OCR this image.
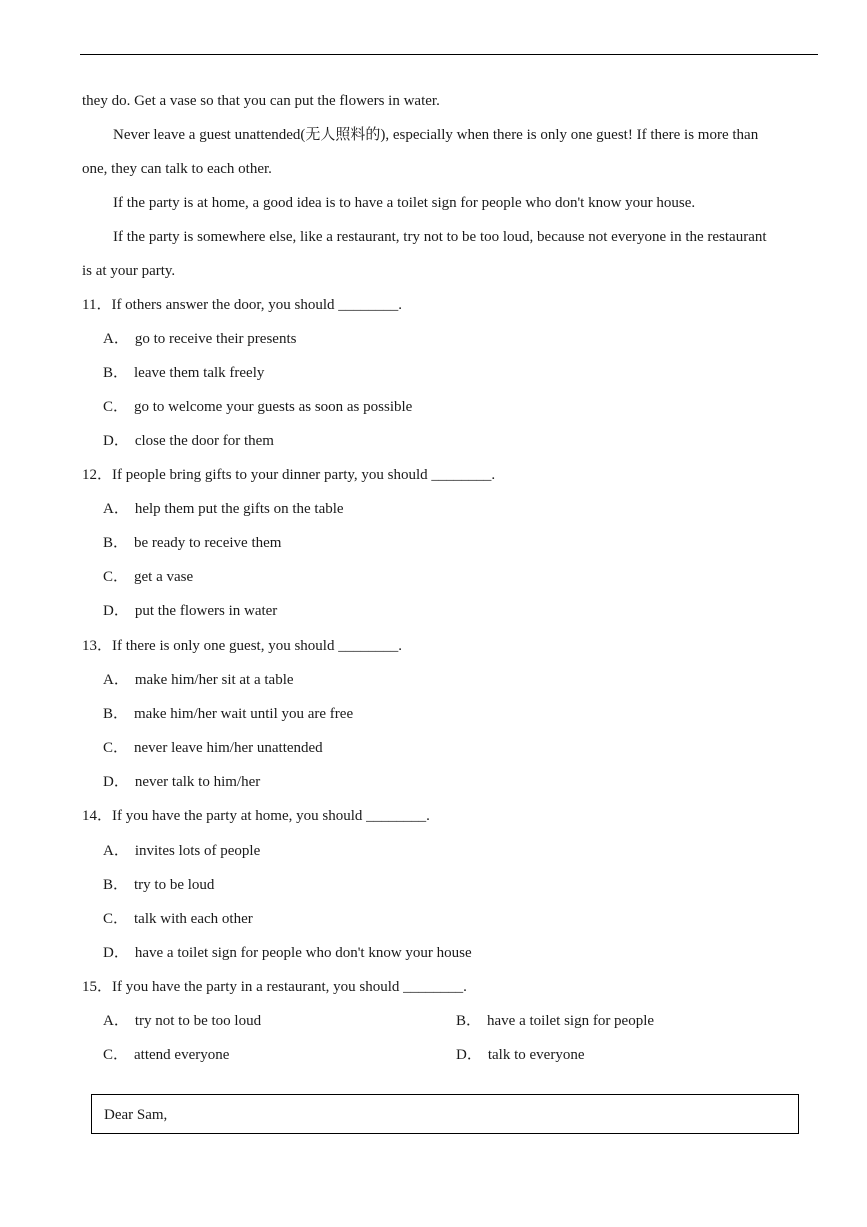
they do. Get a vase so that you can put the flowers in water.
Never leave a guest unattended(无人照料的), especially when there is only one guest! If there is more than
one, they can talk to each other.
If the party is at home, a good idea is to have a toilet sign for people who don't know your house.
If the party is somewhere else, like a restaurant, try not to be too loud, because not everyone in the restaurant
is at your party.
11．If others answer the door, you should ________.
A． go to receive their presents
B． leave them talk freely
C． go to welcome your guests as soon as possible
D． close the door for them
12．If people bring gifts to your dinner party, you should ________.
A． help them put the gifts on the table
B． be ready to receive them
C． get a vase
D． put the flowers in water
13．If there is only one guest, you should ________.
A． make him/her sit at a table
B． make him/her wait until you are free
C． never leave him/her unattended
D． never talk to him/her
14．If you have the party at home, you should ________.
A． invites lots of people
B． try to be loud
C． talk with each other
D． have a toilet sign for people who don't know your house
15．If you have the party in a restaurant, you should ________.
A． try not to be too loud	B． have a toilet sign for people
C． attend everyone	D． talk to everyone
Dear Sam,
